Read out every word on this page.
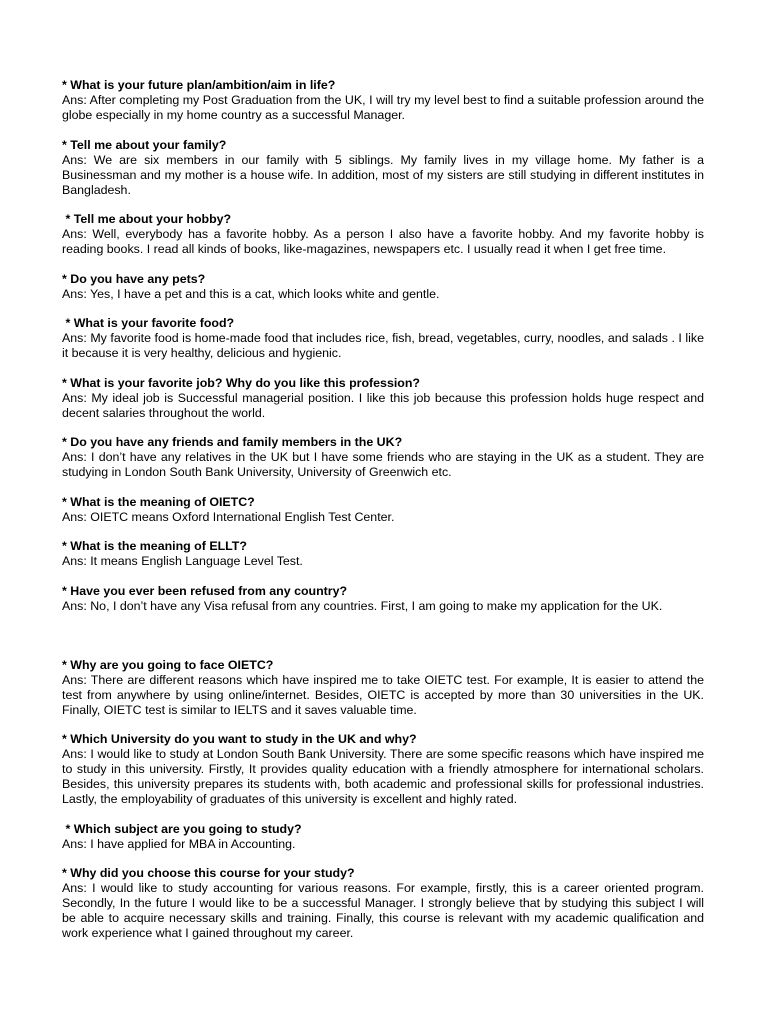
* What is your future plan/ambition/aim in life?
Ans: After completing my Post Graduation from the UK, I will try my level best to find a suitable profession around the globe especially in my home country as a successful Manager.
* Tell me about your family?
Ans: We are six members in our family with 5 siblings. My family lives in my village home. My father is a Businessman and my mother is a house wife. In addition, most of my sisters are still studying in different institutes in Bangladesh.
* Tell me about your hobby?
Ans: Well, everybody has a favorite hobby. As a person I also have a favorite hobby. And my favorite hobby is reading books. I read all kinds of books, like-magazines, newspapers etc. I usually read it when I get free time.
* Do you have any pets?
Ans: Yes, I have a pet and this is a cat, which looks white and gentle.
* What is your favorite food?
Ans: My favorite food is home-made food that includes rice, fish, bread, vegetables, curry, noodles, and salads . I like it because it is very healthy, delicious and hygienic.
* What is your favorite job? Why do you like this profession?
Ans: My ideal job is Successful managerial position. I like this job because this profession holds huge respect and decent salaries throughout the world.
* Do you have any friends and family members in the UK?
Ans: I don’t have any relatives in the UK but I have some friends who are staying in the UK as a student. They are studying in London South Bank University, University of Greenwich etc.
* What is the meaning of OIETC?
Ans: OIETC means Oxford International English Test Center.
* What is the meaning of ELLT?
Ans: It means English Language Level Test.
* Have you ever been refused from any country?
Ans: No, I don’t have any Visa refusal from any countries. First, I am going to make my application for the UK.
* Why are you going to face OIETC?
Ans: There are different reasons which have inspired me to take OIETC test. For example, It is easier to attend the test from anywhere by using online/internet. Besides, OIETC is accepted by more than 30 universities in the UK. Finally, OIETC test is similar to IELTS and it saves valuable time.
* Which University do you want to study in the UK and why?
Ans: I would like to study at London South Bank University. There are some specific reasons which have inspired me to study in this university. Firstly, It provides quality education with a friendly atmosphere for international scholars. Besides, this university prepares its students with, both academic and professional skills for professional industries. Lastly, the employability of graduates of this university is excellent and highly rated.
* Which subject are you going to study?
Ans: I have applied for MBA in Accounting.
* Why did you choose this course for your study?
Ans: I would like to study accounting for various reasons. For example, firstly, this is a career oriented program. Secondly, In the future I would like to be a successful Manager. I strongly believe that by studying this subject I will be able to acquire necessary skills and training. Finally, this course is relevant with my academic qualification and work experience what I gained throughout my career.
